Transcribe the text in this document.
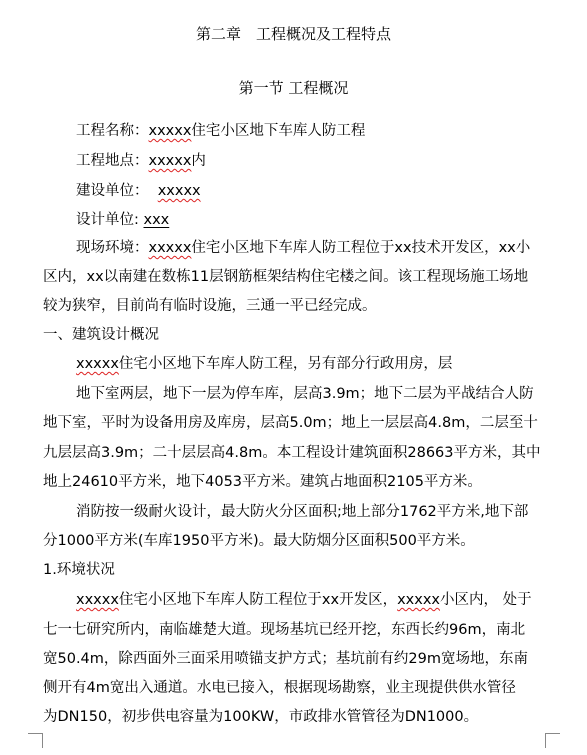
第二章　工程概况及工程特点
第一节 工程概况
工程名称：xxxxx住宅小区地下车库人防工程
工程地点：xxxxx内
建设单位： xxxxx
设计单位: xxx
现场环境：xxxxx住宅小区地下车库人防工程位于xx技术开发区，xx小
区内，xx以南建在数栋11层钢筋框架结构住宅楼之间。该工程现场施工场地
较为狭窄，目前尚有临时设施，三通一平已经完成。
一、建筑设计概况
xxxxx住宅小区地下车库人防工程，另有部分行政用房，层
地下室两层，地下一层为停车库，层高3.9m；地下二层为平战结合人防
地下室，平时为设备用房及库房，层高5.0m；地上一层层高4.8m，二层至十
九层层高3.9m；二十层层高4.8m。本工程设计建筑面积28663平方米，其中
地上24610平方米，地下4053平方米。建筑占地面积2105平方米。
消防按一级耐火设计，最大防火分区面积;地上部分1762平方米,地下部
分1000平方米(车库1950平方米)。最大防烟分区面积500平方米。
1.环境状况
xxxxx住宅小区地下车库人防工程位于xx开发区，xxxxx小区内， 处于
七一七研究所内，南临雄楚大道。现场基坑已经开挖，东西长约96m，南北
宽50.4m，除西面外三面采用喷锚支护方式；基坑前有约29m宽场地，东南
侧开有4m宽出入通道。水电已接入，根据现场勘察，业主现提供供水管径
为DN150，初步供电容量为100KW，市政排水管管径为DN1000。
